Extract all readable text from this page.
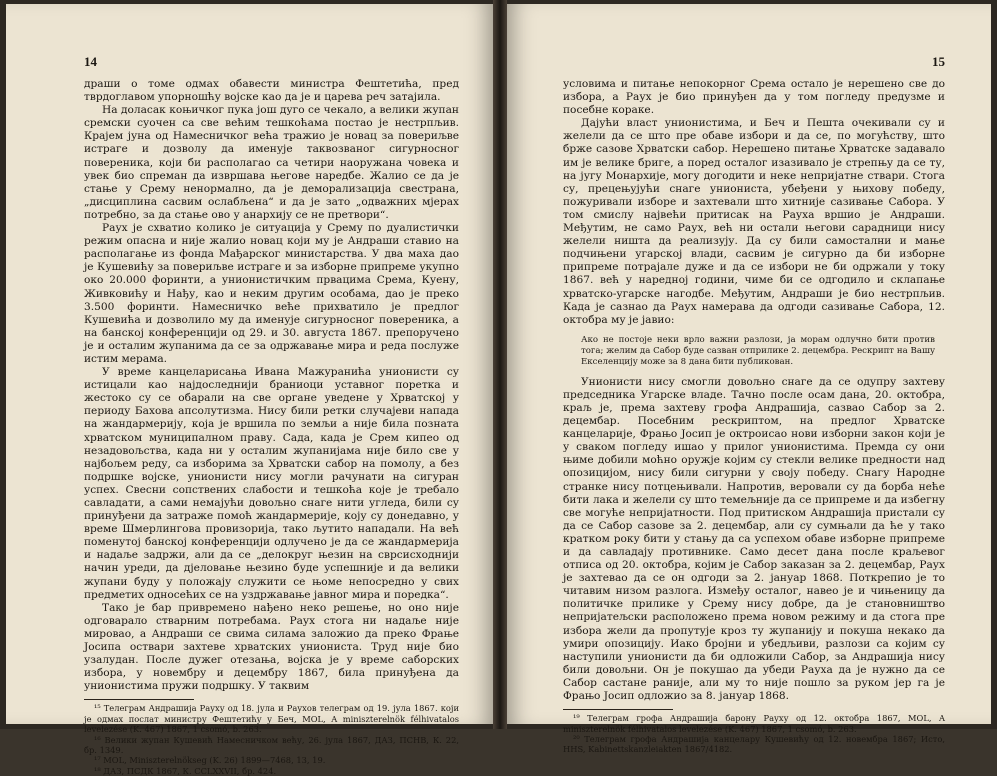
14

драши о томе одмах обавести министра Фештетића, пред тврдоглавом упорношћу војске као да је и царева реч затајила.

На доласак коњичког пука још дуго се чекало, а велики жупан сремски суочен са све већим тешкоћама постао је нестрпљив. Крајем јуна од Намесничког већа тражио је новац за повериљве истраге и дозволу да именује таквозваног сигурносног повереника, који би располагао са четири наоружана човека и увек био спреман да извршава његове наредбе. Жалио се да је стање у Срему ненормално, да је деморализација свестрана, „дисциплина сасвим ослабљена“ и да је зато „одважних мјерах потребно, за да стање ово у анархију се не претвори“.

Раух је схватио колико је ситуација у Срему по дуалистички режим опасна и није жалио новац који му је Андраши ставио на располагање из фонда Мађарског министарства. У два маха дао је Кушевићу за повериљве истраге и за изборне припреме укупно око 20.000 форинти, а унионистичким првацима Срема, Куену, Живковићу и Нађу, као и неким другим особама, дао је преко 3.500 форинти. Намесничко веће прихватило је предлог Кушевића и дозволило му да именује сигурносног повереника, а на банској конференцији од 29. и 30. августа 1867. препоручено је и осталим жупанима да се за одржавање мира и реда послуже истим мерама.

У време канцеларисања Ивана Мажуранића унионисти су истицали као најдоследнији браниоци уставног поретка и жестоко су се обарали на све органе уведене у Хрватској у периоду Бахова апсолутизма. Нису били ретки случајеви напада на жандармерију, која је вршила по земљи а није била позната хрватском муниципалном праву. Сада, када је Срем кипео од незадовољства, када ни у осталим жупанијама није било све у најбољем реду, са изборима за Хрватски сабор на помолу, а без подршке војске, унионисти нису могли рачунати на сигуран успех. Свесни сопствених слабости и тешкоћа које је требало савладати, а сами немајући довољно снаге нити угледа, били су принуђени да затраже помоћ жандармерије, коју су донедавно, у време Шмерлингова провизорија, тако љутито нападали. На већ поменутој банској конференцији одлучено је да се жандармерија и надаље задржи, али да се „делокруг њезин на сврсисходнији начин уреди, да дјеловање њезино буде успешније и да велики жупани буду у положају служити се њоме непосредно у свих предметих односећих се на уздржавање јавног мира и поредка“.

Тако је бар привремено нађено некo решење, но оно није одговарало стварним потребама. Раух стога ни надаље није мировао, а Андраши се свима силама заложио да преко Фрање Јосипа оствари захтеве хрватских униониста. Труд није био узалудан. После дужег отезања, војска је у време саборских избора, у новембру и децембру 1867, била принуђена да унионистима пружи подршку. У таквим

¹⁵ Телеграм Андрашија Рауху од 18. јула и Раухов телеграм од 19. јула 1867. који је одмах послат министру Фештетићу у Беч, MOL, A miniszterelnök félhivatalos levelezése (K. 467) 1867, 1 csomó, b. 263.

¹⁶ Велики жупан Кушевић Намесничком већу, 26. јула 1867, ДАЗ, ПСНВ, К. 22, бр. 1349.

¹⁷ MOL, Miniszterelnökseg (K. 26) 1899—7468, 13, 19.

¹⁸ ДАЗ, ПСДК 1867, К. CCLXXVII, бр. 424.

15

условима и питање непокорног Срема остало је нерешено све до избора, а Раух је био принуђен да у том погледу предузме и посебне кораке.

Дајући власт унионистима, и Беч и Пешта очекивали су и желели да се што пре обаве избори и да се, по могућству, што брже сазове Хрватски сабор. Нерешено питање Хрватске задавало им је велике бриге, а поред осталог изазивало је стрепњу да се ту, на југу Монархије, могу догодити и неке непријатне ствари. Стога су, прецењујући снаге униониста, убеђени у њихову победу, пожуривали изборе и захтевали што хитније сазивање Сабора. У том смислу највећи притисак на Рауха вршио је Андраши. Међутим, не само Раух, већ ни остали његови сарадници нису желели ништа да реализују. Да су били самостални и мање подчињени угарској влади, сасвим је сигурно да би изборне припреме потрајале дуже и да се избори не би одржали у току 1867. већ у наредној години, чиме би се одгодило и склапање хрватско-угарске нагодбе. Међутим, Андраши је био нестрпљив. Када је сазнао да Раух намерава да одгоди сазивање Сабора, 12. октобра му је јавио:

Ако не постоје неки врло важни разлози, ја морам одлучно бити против тога; желим да Сабор буде сазван отприлике 2. децембра. Рескрипт на Вашу Екселенцију може за 8 дана бити публикован.

Унионисти нису смогли довољно снаге да се одупру захтеву председника Угарске владе. Тачно после осам дана, 20. октобра, краљ је, према захтеву грофа Андрашија, сазвао Сабор за 2. децембар. Посебним рескриптом, на предлог Хрватске канцеларије, Фрањо Јосип је октроисао нови изборни закон који је у сваком погледу ишао у прилог унионистима. Премда су они њиме добили моћно оружје којим су стекли велике предности над опозицијом, нису били сигурни у своју победу. Снагу Народне странке нису потцењивали. Напротив, веровали су да борба неће бити лака и желели су што темељније да се припреме и да избегну све могуће непријатности. Под притиском Андрашија пристали су да се Сабор сазове за 2. децембар, али су сумњали да ће у тако кратком року бити у стању да са успехом обаве изборне припреме и да савладају противнике. Само десет дана после краљевог отписа од 20. октобра, којим је Сабор заказан за 2. децембар, Раух је захтевао да се он одгоди за 2. јануар 1868. Поткрепио је то читавим низом разлога. Између осталог, навео је и чињеницу да политичке прилике у Срему нису добре, да је становништво непријатељски расположено према новом режиму и да стога пре избора жели да пропутује кроз ту жупанију и покуша некако да умири опозицију. Иако бројни и убедљиви, разлози са којим су наступили унионисти да би одложили Сабор, за Андрашија нису били довољни. Он је покушао да убеди Рауха да је нужно да се Сабор састане раније, али му то није пошло за руком јер га је Фрањо Јосип одложио за 8. јануар 1868.

¹⁹ Телеграм грофа Андрашија барону Рауху од 12. октобра 1867, MOL, A miniszterelnök félhivatalos levelezése (K. 467) 1867, 1 csomó, b. 263.

²⁰ Телеграм грофа Андрашија канцелару Кушевићу од 12. новембра 1867; Исто, HHS, Kabinettskanzleiakten 1867/4182.
